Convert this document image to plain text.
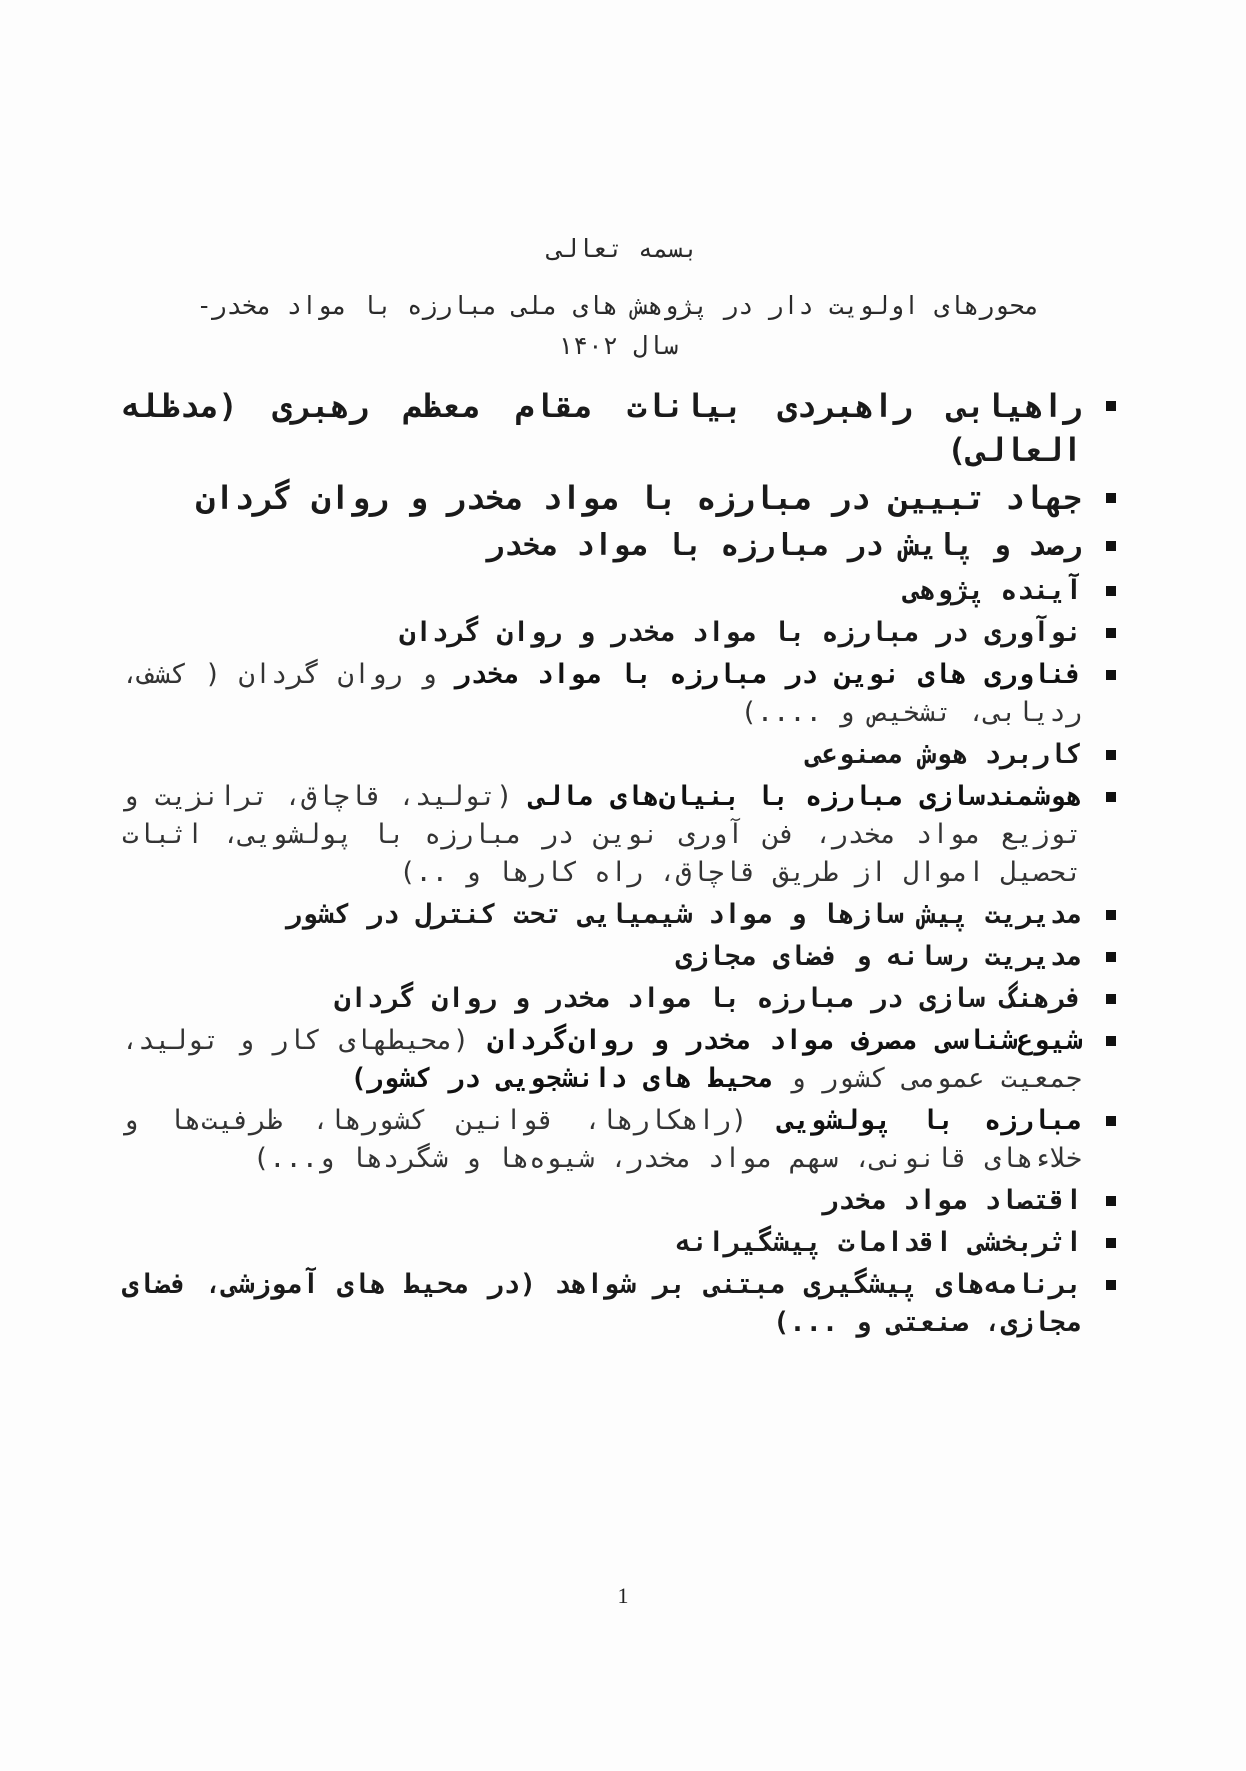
بسمه تعالی
محورهای اولویت دار در پژوهش های ملی مبارزه با مواد مخدر- سال ۱۴۰۲
راهیابی راهبردی بیانات مقام معظم رهبری (مدظله العالی)
جهاد تبیین در مبارزه با مواد مخدر و روان گردان
رصد و پایش در مبارزه با مواد مخدر
آینده پژوهی
نوآوری در مبارزه با مواد مخدر و روان گردان
فناوری های نوین در مبارزه با مواد مخدر و روان گردان ( کشف، ردیابی، تشخیص و ....)
کاربرد هوش مصنوعی
هوشمندسازی مبارزه با بنیان‌های مالی (تولید، قاچاق، ترانزیت و توزیع مواد مخدر، فن آوری نوین در مبارزه با پولشویی، اثبات تحصیل اموال از طریق قاچاق، راه کارها و ..)
مدیریت پیش سازها و مواد شیمیایی تحت کنترل در کشور
مدیریت رسانه و فضای مجازی
فرهنگ سازی در مبارزه با مواد مخدر و روان گردان
شیوع‌شناسی مصرف مواد مخدر و روان‌گردان (محیطهای کار و تولید، جمعیت عمومی کشور و محیط های دانشجویی در کشور)
مبارزه با پولشویی (راهکارها، قوانین کشورها، ظرفیت‌ها و خلاءهای قانونی، سهم مواد مخدر، شیوه‌ها و شگردها و...)
اقتصاد مواد مخدر
اثربخشی اقدامات پیشگیرانه
برنامه‌های پیشگیری مبتنی بر شواهد (در محیط های آموزشی، فضای مجازی، صنعتی و ...)
1
